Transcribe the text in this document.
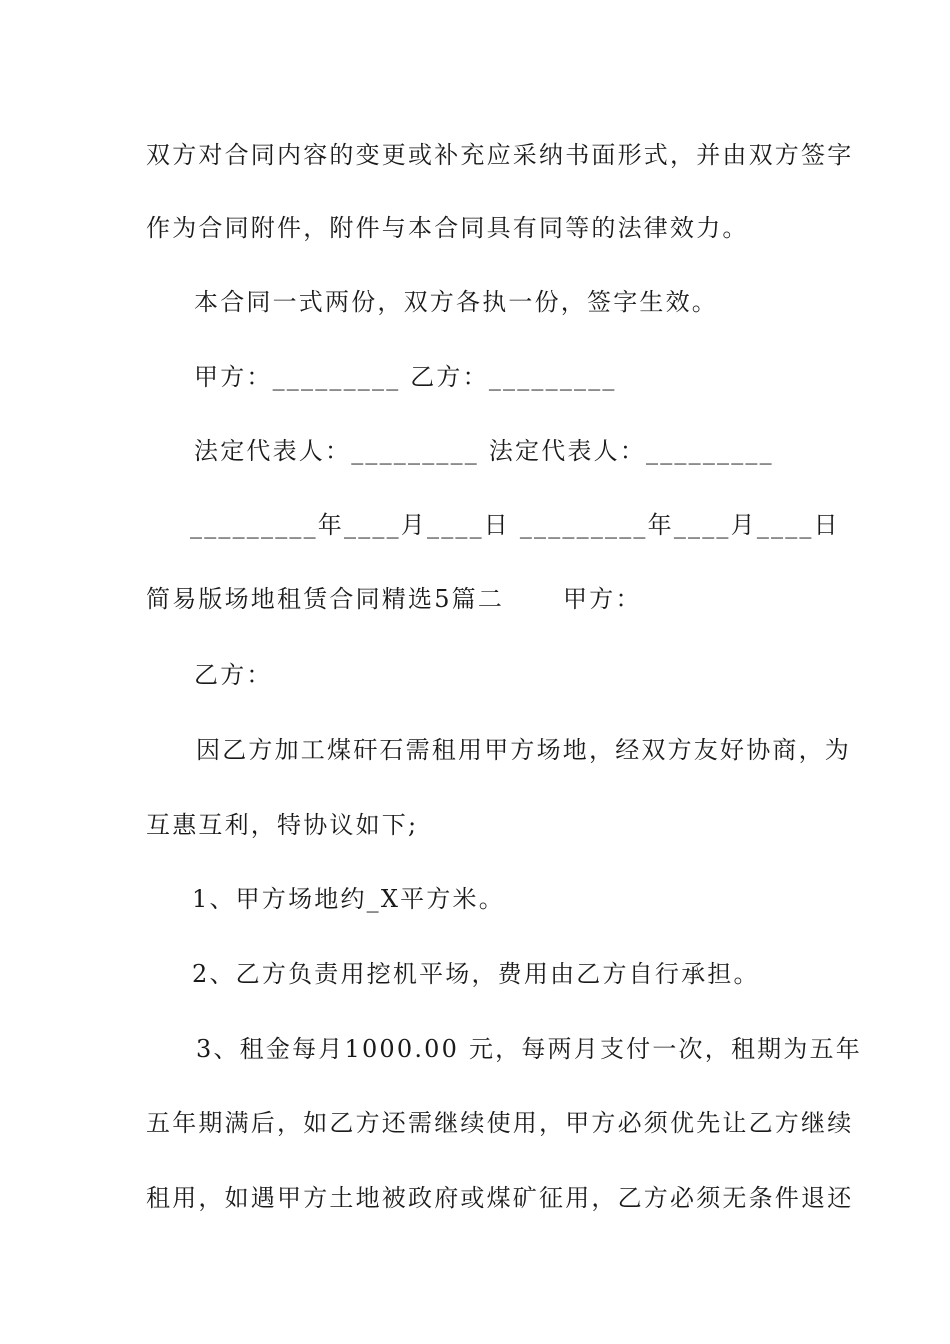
双方对合同内容的变更或补充应采纳书面形式，并由双方签字
作为合同附件，附件与本合同具有同等的法律效力。
本合同一式两份，双方各执一份，签字生效。
甲方：_________ 乙方：_________
法定代表人：_________ 法定代表人：_________
_________年____月____日 _________年____月____日
简易版场地租赁合同精选5篇二      甲方：
乙方：
因乙方加工煤矸石需租用甲方场地，经双方友好协商，为
互惠互利，特协议如下;
1、甲方场地约_X平方米。
2、乙方负责用挖机平场，费用由乙方自行承担。
3、租金每月1000.00 元，每两月支付一次，租期为五年
五年期满后，如乙方还需继续使用，甲方必须优先让乙方继续
租用，如遇甲方土地被政府或煤矿征用，乙方必须无条件退还
